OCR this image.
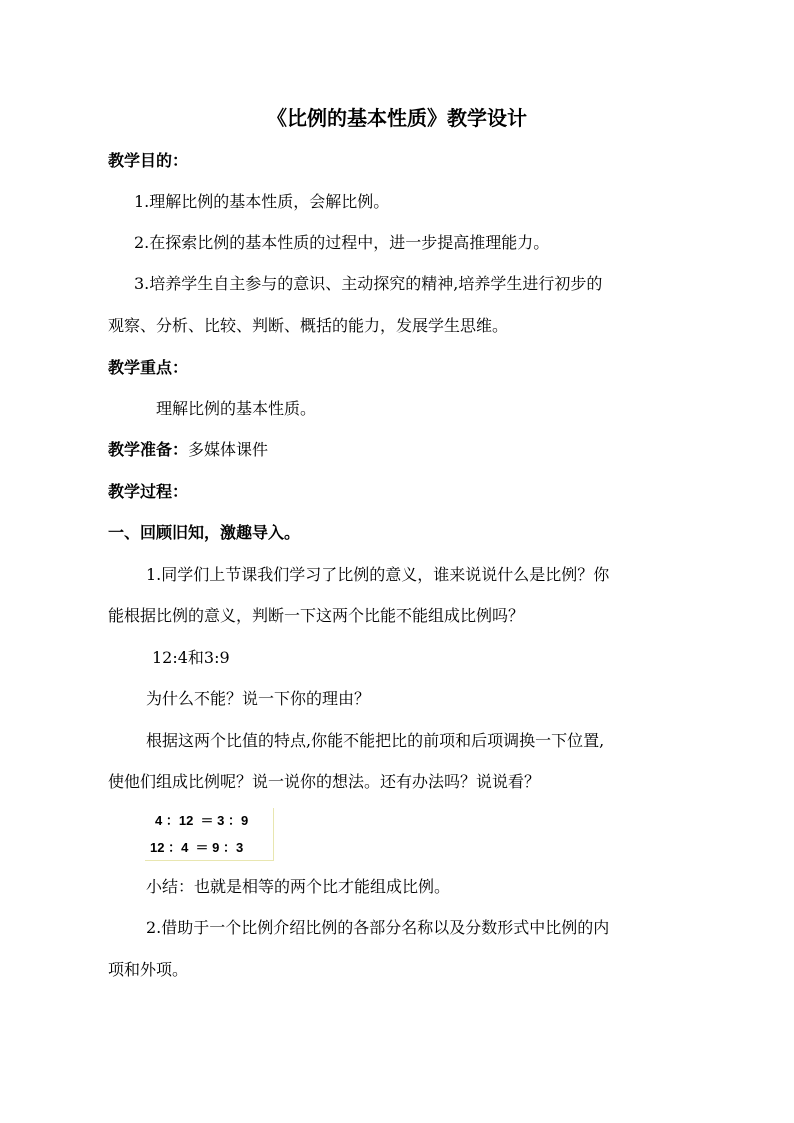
《比例的基本性质》教学设计
教学目的：
1.理解比例的基本性质，会解比例。
2.在探索比例的基本性质的过程中，进一步提高推理能力。
3.培养学生自主参与的意识、主动探究的精神,培养学生进行初步的
观察、分析、比较、判断、概括的能力，发展学生思维。
教学重点：
理解比例的基本性质。
教学准备：多媒体课件
教学过程：
一、回顾旧知，激趣导入。
1.同学们上节课我们学习了比例的意义，谁来说说什么是比例？你
能根据比例的意义，判断一下这两个比能不能组成比例吗？
12:4和3:9
为什么不能？说一下你的理由？
根据这两个比值的特点,你能不能把比的前项和后项调换一下位置,
使他们组成比例呢？说一说你的想法。还有办法吗？说说看？
4 ：12  ＝ 3 ：9
12 ：4  ＝ 9 ：3
小结：也就是相等的两个比才能组成比例。
2.借助于一个比例介绍比例的各部分名称以及分数形式中比例的内
项和外项。
